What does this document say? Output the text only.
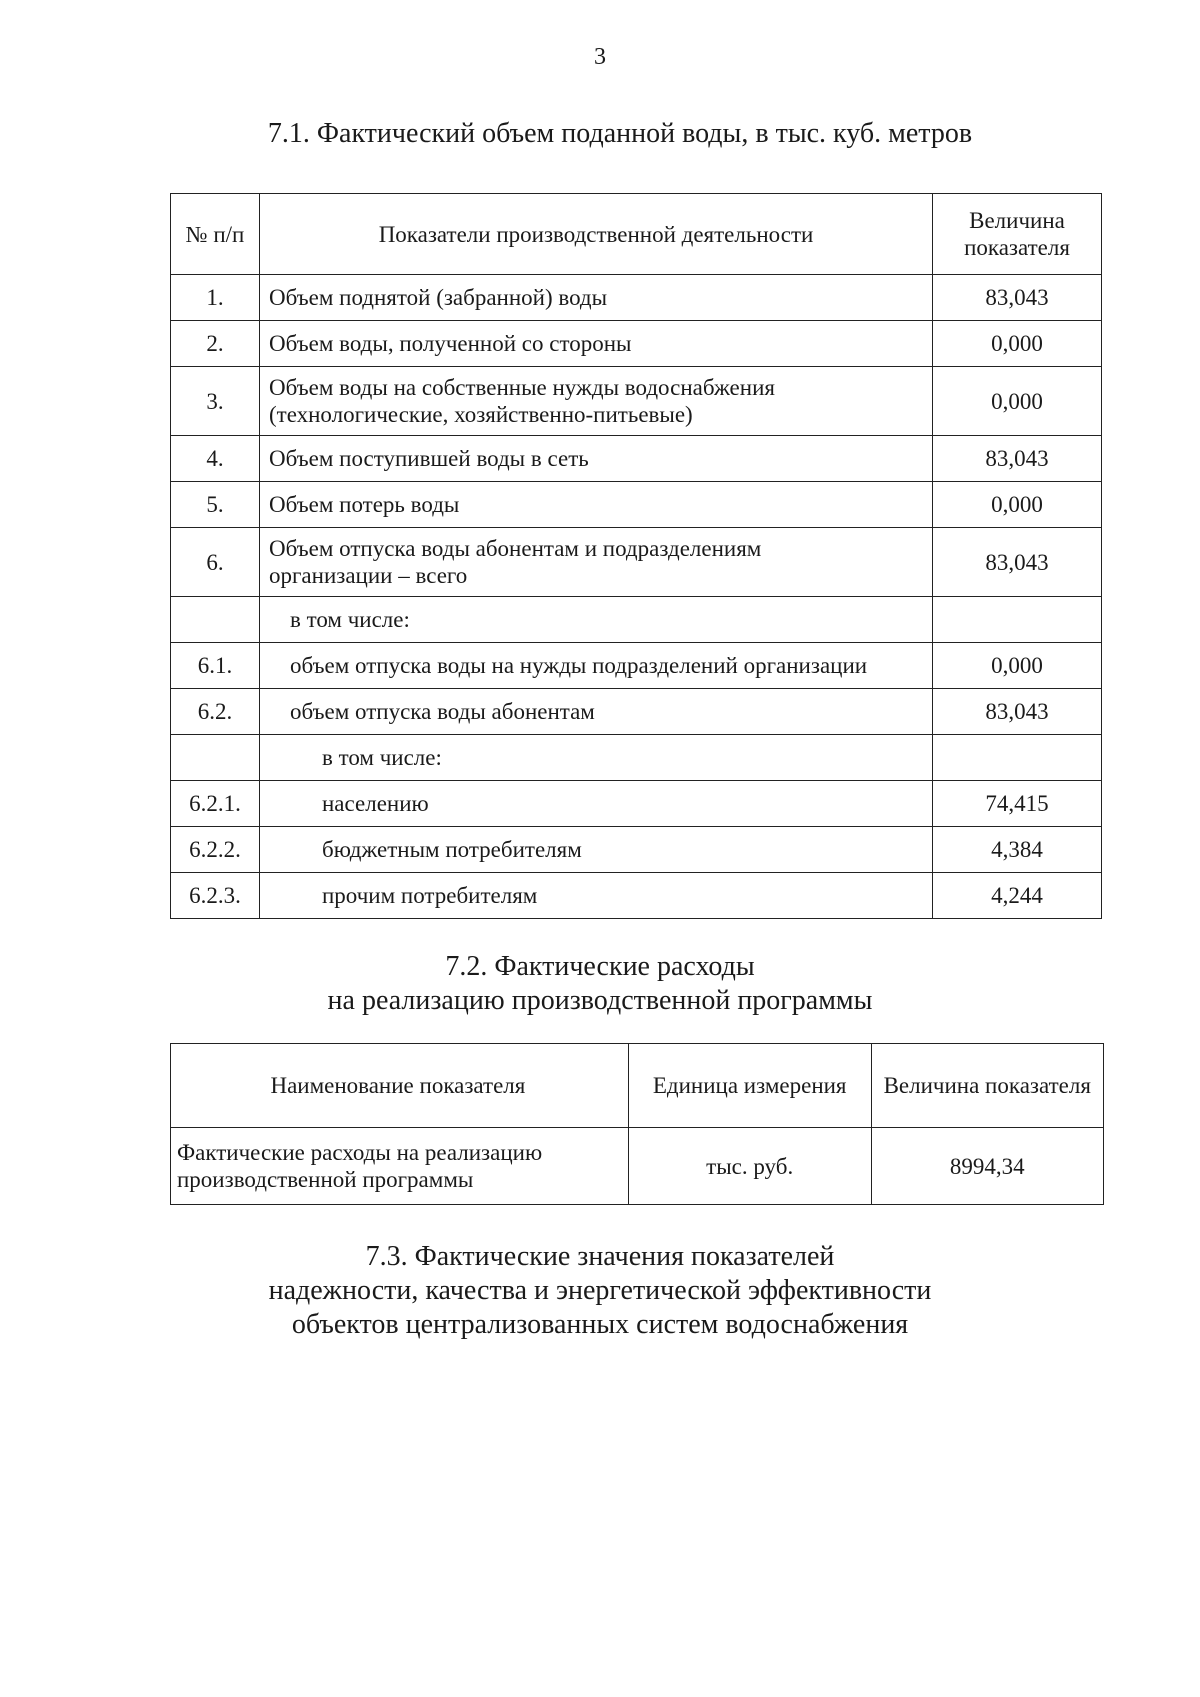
3
7.1. Фактический объем поданной воды, в тыс. куб. метров
№ п/п	Показатели производственной деятельности	Величина
показателя
1.	Объем поднятой (забранной) воды	83,043
2.	Объем воды, полученной со стороны	0,000
3.	Объем воды на собственные нужды водоснабжения
(технологические, хозяйственно-питьевые)	0,000
4.	Объем поступившей воды в сеть	83,043
5.	Объем потерь воды	0,000
6.	Объем отпуска воды абонентам и подразделениям
организации – всего	83,043
	в том числе:	
6.1.	объем отпуска воды на нужды подразделений организации	0,000
6.2.	объем отпуска воды абонентам	83,043
	в том числе:	
6.2.1.	населению	74,415
6.2.2.	бюджетным потребителям	4,384
6.2.3.	прочим потребителям	4,244
7.2. Фактические расходы
на реализацию производственной программы
Наименование показателя	Единица измерения	Величина показателя
Фактические расходы на реализацию
производственной программы	тыс. руб.	8994,34
7.3. Фактические значения показателей
надежности, качества и энергетической эффективности
объектов централизованных систем водоснабжения
